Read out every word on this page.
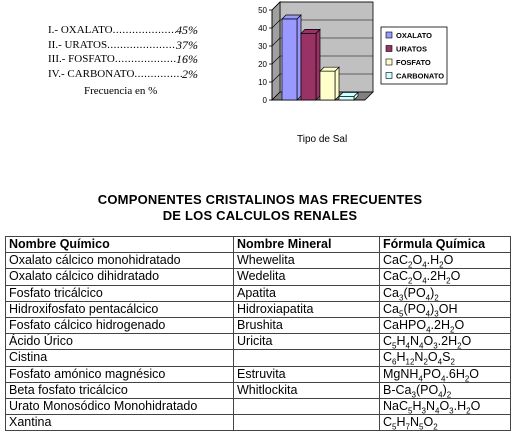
I.- OXALATO .....	45%
II.- URATOS .....	37%
III.- FOSFATO .....	16%
IV.- CARBONATO .....	2%
Frecuencia en %
0
10
20
30
40
50
OXALATO
URATOS
FOSFATO
CARBONATO
Tipo de Sal
COMPONENTES CRISTALINOS MAS FRECUENTES
DE LOS CALCULOS RENALES
Nombre Químico	Nombre Mineral	Fórmula Química
Oxalato cálcico monohidratado	Whewelita	$CaC_2O_4.H_2O$
Oxalato cálcico dihidratado	Wedelita	$CaC_2O_4.2H_2O$
Fosfato tricálcico	Apatita	$Ca_3(PO_4)_2$
Hidroxifosfato pentacálcico	Hidroxiapatita	$Ca_5(PO_4)_3OH$
Fosfato cálcico hidrogenado	Brushita	$CaHPO_4.2H_2O$
Ácido Úrico	Uricita	$C_5H_4N_4O_3.2H_2O$
Cistina		$C_6H_{12}N_2O_4S_2$
Fosfato amónico magnésico	Estruvita	$MgNH_4PO_4.6H_2O$
Beta fosfato tricálcico	Whitlockita	$B-Ca_3(PO_4)_2$
Urato Monosódico Monohidratado		$NaC_5H_3N_4O_3.H_2O$
Xantina		$C_5H_7N_5O_2$
